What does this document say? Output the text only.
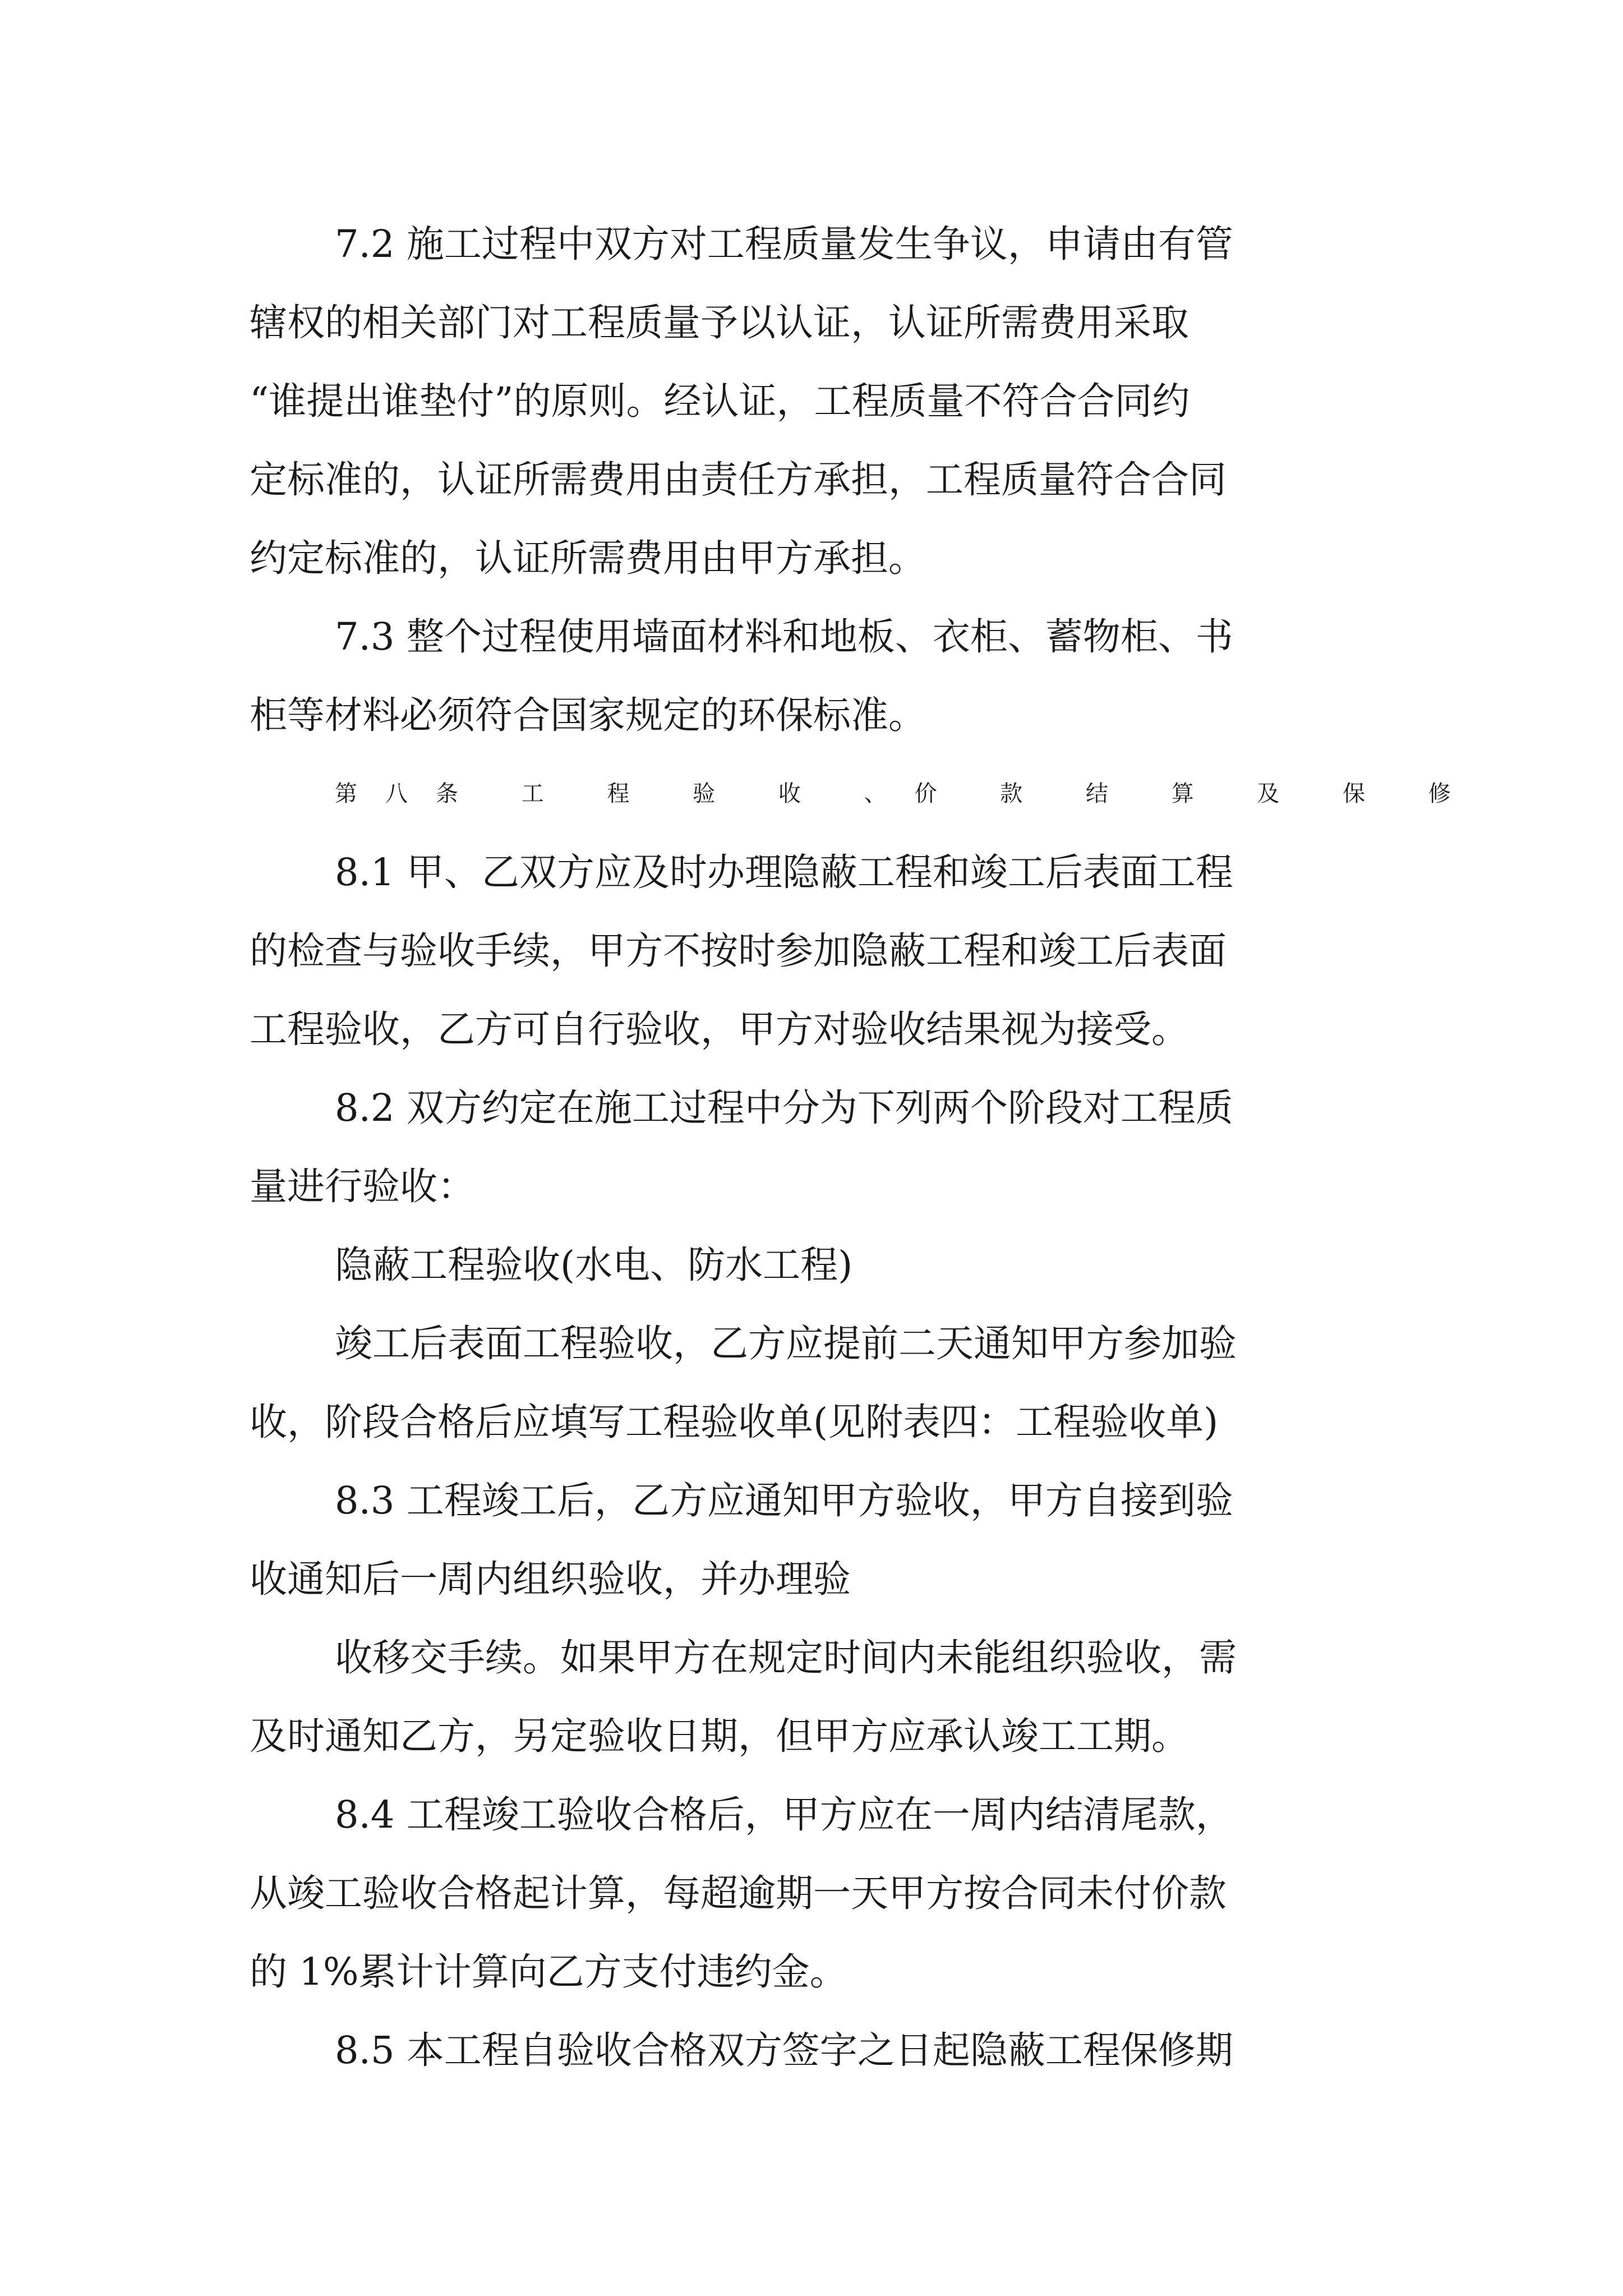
7.2 施工过程中双方对工程质量发生争议，申请由有管

辖权的相关部门对工程质量予以认证，认证所需费用采取

“谁提出谁垫付”的原则。经认证，工程质量不符合合同约

定标准的，认证所需费用由责任方承担，工程质量符合合同

约定标准的，认证所需费用由甲方承担。

7.3 整个过程使用墙面材料和地板、衣柜、蓄物柜、书

柜等材料必须符合国家规定的环保标准。

第八条 工 程 验 收 、价 款 结 算 及 保 修

8.1 甲、乙双方应及时办理隐蔽工程和竣工后表面工程

的检查与验收手续，甲方不按时参加隐蔽工程和竣工后表面

工程验收，乙方可自行验收，甲方对验收结果视为接受。

8.2 双方约定在施工过程中分为下列两个阶段对工程质

量进行验收：

隐蔽工程验收(水电、防水工程)

竣工后表面工程验收，乙方应提前二天通知甲方参加验

收，阶段合格后应填写工程验收单(见附表四：工程验收单)

8.3 工程竣工后，乙方应通知甲方验收，甲方自接到验

收通知后一周内组织验收，并办理验

收移交手续。如果甲方在规定时间内未能组织验收，需

及时通知乙方，另定验收日期，但甲方应承认竣工工期。

8.4 工程竣工验收合格后，甲方应在一周内结清尾款，

从竣工验收合格起计算，每超逾期一天甲方按合同未付价款

的 1%累计计算向乙方支付违约金。

8.5 本工程自验收合格双方签字之日起隐蔽工程保修期
